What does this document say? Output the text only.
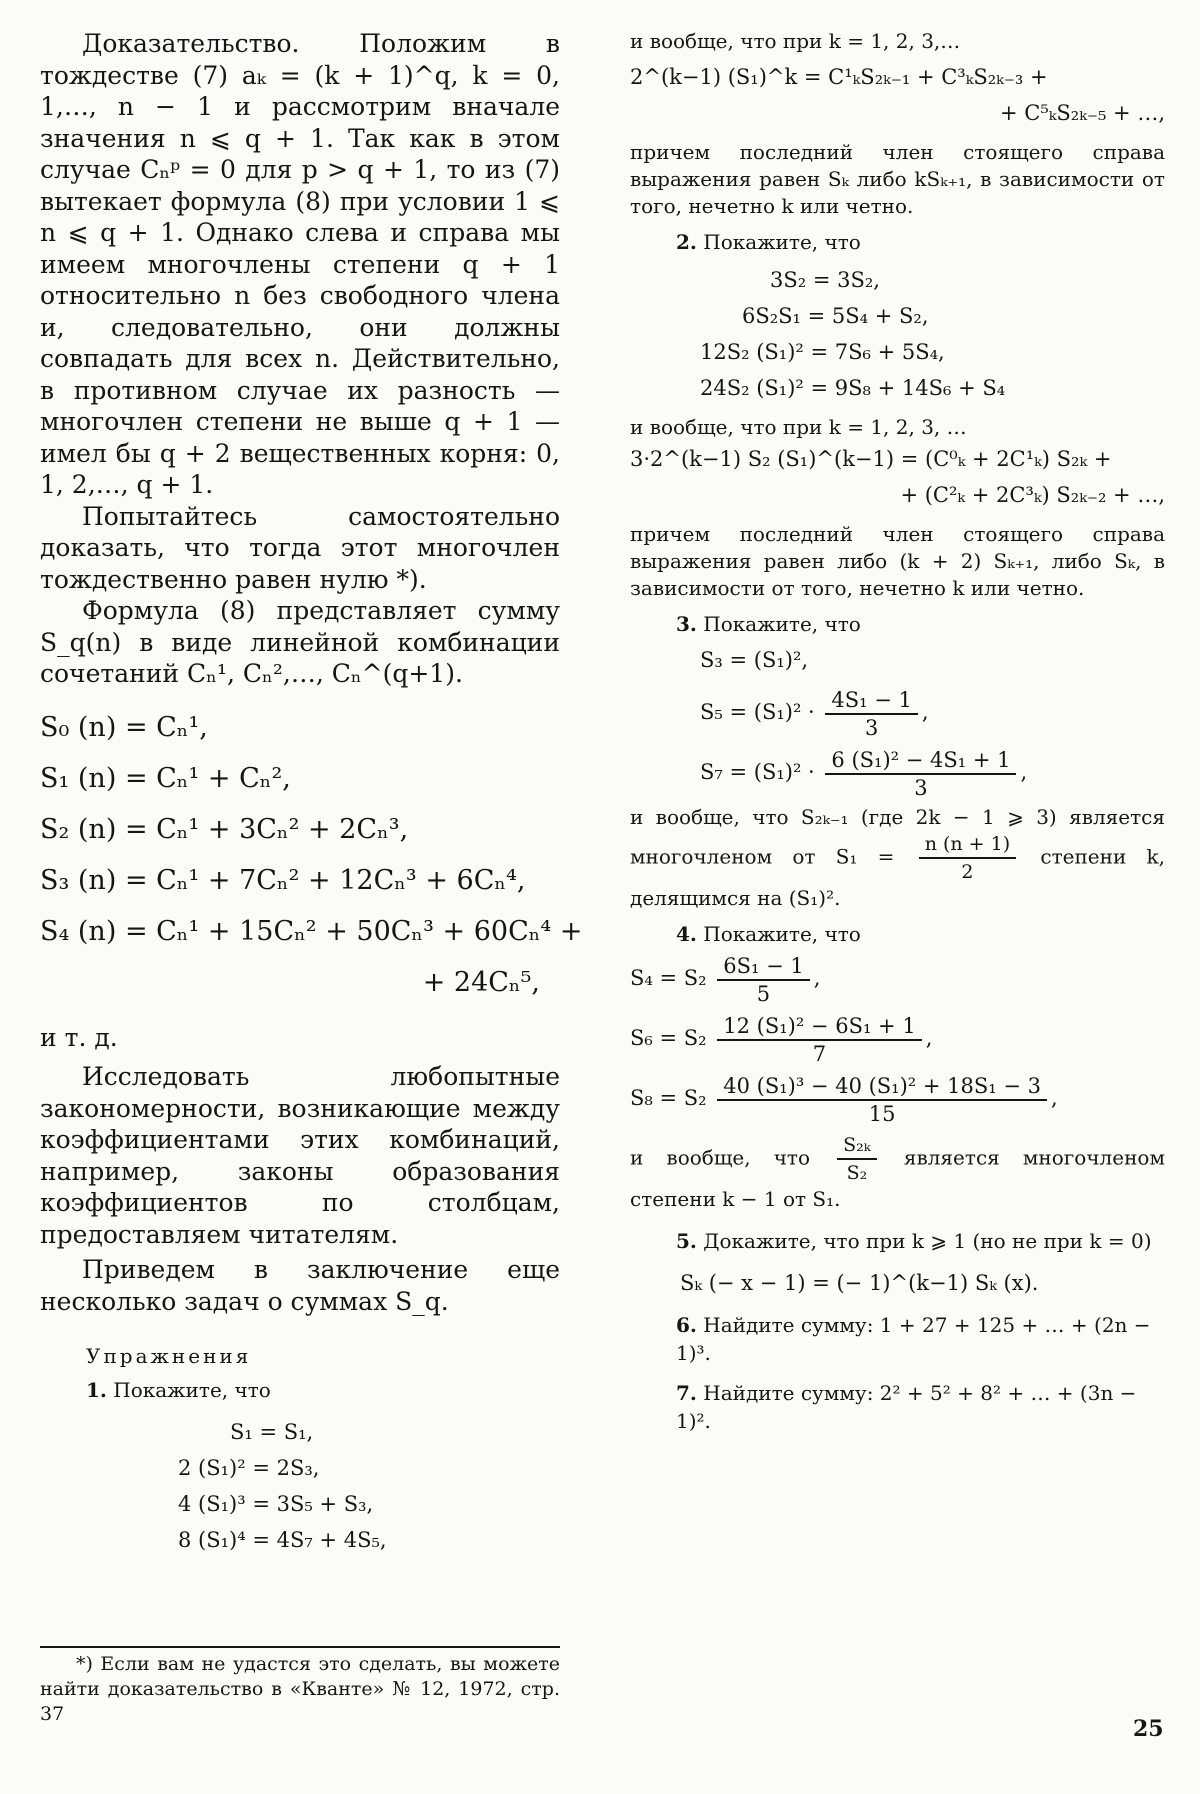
Доказательство. Положим в тождестве (7) aₖ = (k + 1)^q, k = 0, 1,…, n − 1 и рассмотрим вначале значения n ⩽ q + 1. Так как в этом случае Cₙᵖ = 0 для p > q + 1, то из (7) вытекает формула (8) при условии 1 ⩽ n ⩽ q + 1. Однако слева и справа мы имеем многочлены степени q + 1 относительно n без свободного члена и, следовательно, они должны совпадать для всех n. Действительно, в противном случае их разность — многочлен степени не выше q + 1 — имел бы q + 2 вещественных корня: 0, 1, 2,…, q + 1.

Попытайтесь самостоятельно доказать, что тогда этот многочлен тождественно равен нулю *).

Формула (8) представляет сумму S_q(n) в виде линейной комбинации сочетаний Cₙ¹, Cₙ²,…, Cₙ^(q+1).

S₀ (n) = Cₙ¹,
S₁ (n) = Cₙ¹ + Cₙ²,
S₂ (n) = Cₙ¹ + 3Cₙ² + 2Cₙ³,
S₃ (n) = Cₙ¹ + 7Cₙ² + 12Cₙ³ + 6Cₙ⁴,
S₄ (n) = Cₙ¹ + 15Cₙ² + 50Cₙ³ + 60Cₙ⁴ +
+ 24Cₙ⁵,

и т. д.

Исследовать любопытные закономерности, возникающие между коэффициентами этих комбинаций, например, законы образования коэффициентов по столбцам, предоставляем читателям.

Приведем в заключение еще несколько задач о суммах S_q.

Упражнения

1. Покажите, что

S₁ = S₁,
2 (S₁)² = 2S₃,
4 (S₁)³ = 3S₅ + S₃,
8 (S₁)⁴ = 4S₇ + 4S₅,
*) Если вам не удастся это сделать, вы можете найти доказательство в «Кванте» № 12, 1972, стр. 37

и вообще, что при k = 1, 2, 3,…

2^(k−1) (S₁)^k = C¹ₖS₂ₖ₋₁ + C³ₖS₂ₖ₋₃ +
+ C⁵ₖS₂ₖ₋₅ + …,

причем последний член стоящего справа выражения равен Sₖ либо kSₖ₊₁, в зависимости от того, нечетно k или четно.

2. Покажите, что

3S₂ = 3S₂,
6S₂S₁ = 5S₄ + S₂,
12S₂ (S₁)² = 7S₆ + 5S₄,
24S₂ (S₁)² = 9S₈ + 14S₆ + S₄

и вообще, что при k = 1, 2, 3, …

3·2^(k−1) S₂ (S₁)^(k−1) = (C⁰ₖ + 2C¹ₖ) S₂ₖ +
+ (C²ₖ + 2C³ₖ) S₂ₖ₋₂ + …,

причем последний член стоящего справа выражения равен либо (k + 2) Sₖ₊₁, либо Sₖ, в зависимости от того, нечетно k или четно.

3. Покажите, что

S₃ = (S₁)²,
$S_5 = (S_1)^2 \cdot \frac{\text{4S₁ − 1}}{3}$ ,
$S_7 = (S_1)^2 \cdot \frac{\text{6 (S₁)² − 4S₁ + 1}}{3}$ ,

и вообще, что S₂ₖ₋₁ (где 2k − 1 ⩾ 3) является многочленом от $S_1 = \frac{n (n + 1)}{2}$ степени k, делящимся на (S₁)².

4. Покажите, что

$S_4 = S_2 \frac{\text{6S₁ − 1}}{5}$ ,
$S_6 = S_2 \frac{\text{12 (S₁)² − 6S₁ + 1}}{7}$ ,
$S_8 = S_2 \frac{\text{40 (S₁)³ − 40 (S₁)² + 18S₁ − 3}}{15}$ ,

и вообще, что $\frac{\text{S₂ₖ}}{\text{S₂}}$ является многочленом степени k − 1 от S₁.

5. Докажите, что при k ⩾ 1 (но не при k = 0)

Sₖ (− x − 1) = (− 1)^(k−1) Sₖ (x).

6. Найдите сумму: 1 + 27 + 125 + … + (2n − 1)³.

7. Найдите сумму: 2² + 5² + 8² + … + (3n − 1)².

25
